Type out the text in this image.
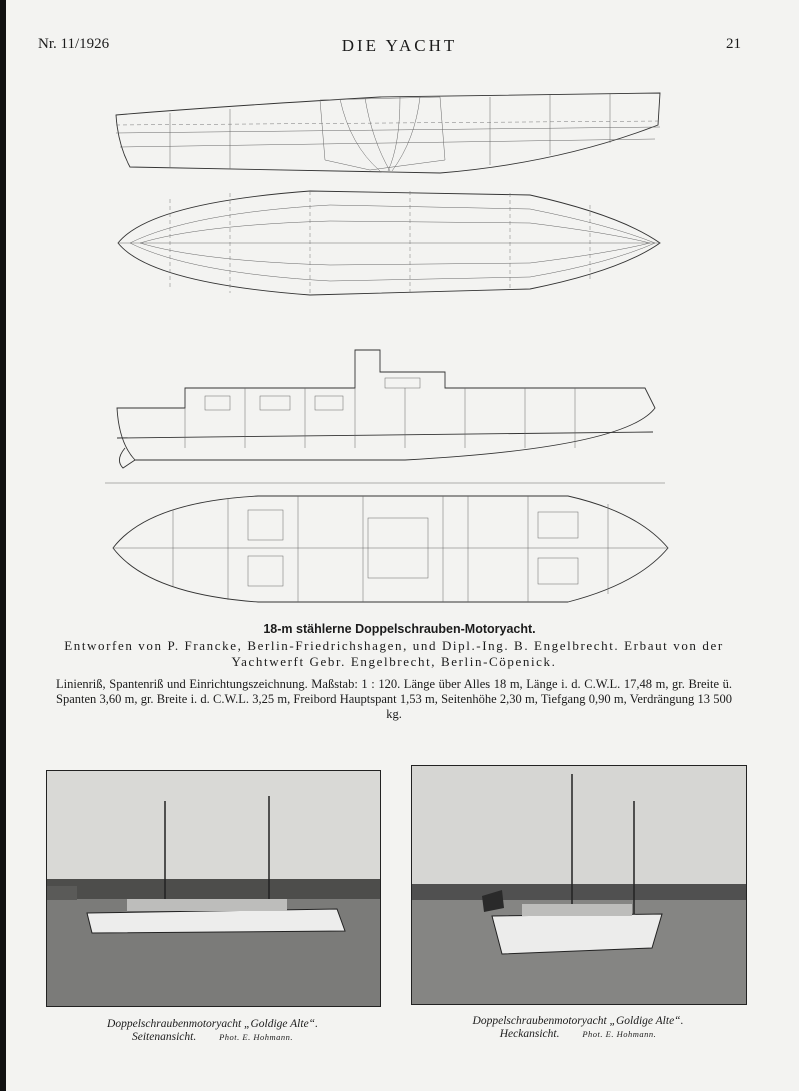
Nr. 11/1926	DIE YACHT	21
18-m stählerne Doppelschrauben-Motoryacht.
Entworfen von P. Francke, Berlin-Friedrichshagen, und Dipl.-Ing. B. Engelbrecht. Erbaut von der Yachtwerft Gebr. Engelbrecht, Berlin-Cöpenick.
Linienriß, Spantenriß und Einrichtungszeichnung. Maßstab: 1 : 120. Länge über Alles 18 m, Länge i. d. C.W.L. 17,48 m, gr. Breite ü. Spanten 3,60 m, gr. Breite i. d. C.W.L. 3,25 m, Freibord Hauptspant 1,53 m, Seitenhöhe 2,30 m, Tiefgang 0,90 m, Verdrängung 13 500 kg.
Doppelschraubenmotoryacht „Goldige Alte“.
Seitenansicht.	Phot. E. Hohmann.
Doppelschraubenmotoryacht „Goldige Alte“.
Heckansicht.	Phot. E. Hohmann.
